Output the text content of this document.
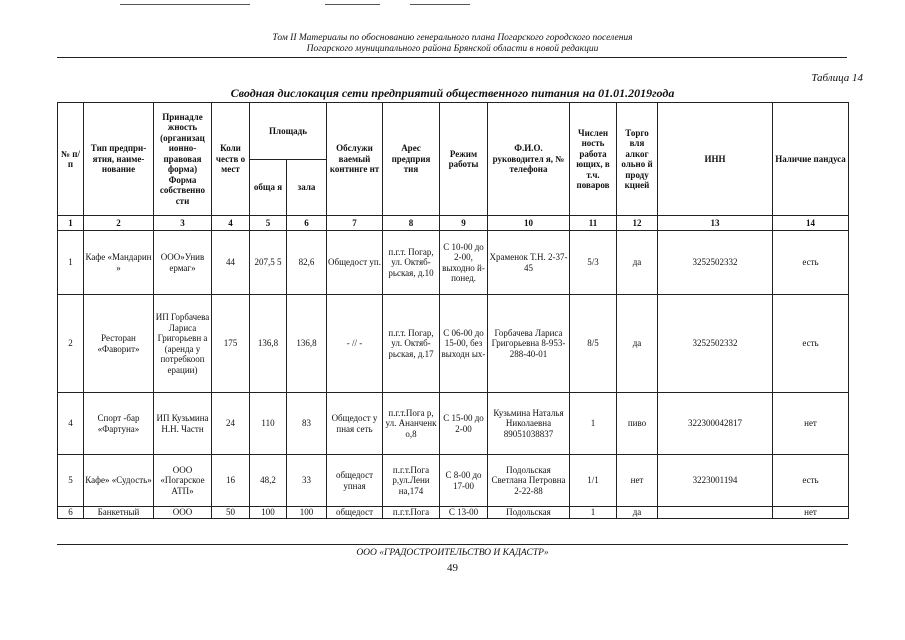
Том II Материалы по обоснованию генерального плана Погарского городского поселения
Погарского муниципального района Брянской области в новой редакции
Таблица 14
Сводная дислокация сети предприятий общественного питания на 01.01.2019года
№ п/п	Тип предпри-ятия, наиме-нование	Принадле жность (организац ионно-правовая форма) Форма собственно сти	Коли честв о мест	Площадь		Обслужи ваемый континге нт	Арес предприя тия	Режим работы	Ф.И.О. руководител я, № телефона	Числен ность работа ющих, в т.ч. поваров	Торго вля алког ольно й проду кцией	ИНН	Наличие пандуса
				обща я	зала								
1	2	3	4	5	6	7	8	9	10	11	12	13	14
1	Кафе «Мандарин »	ООО»Унив ермаг»	44	207,5 5	82,6	Общедост уп.	п.г.т. Погар, ул. Октяб-рьская, д.10	С 10-00 до 2-00, выходно й-понед.	Храменок Т.Н. 2-37-45	5/3	да	3252502332	есть
2	Ресторан «Фаворит»	ИП Горбачева Лариса Григорьевн а (аренда у потребкооп ерации)	175	136,8	136,8	- // -	п.г.т. Погар, ул. Октяб-рьская, д.17	С 06-00 до 15-00, без выходн ых-	Горбачева Лариса Григорьевна 8-953-288-40-01	8/5	да	3252502332	есть
4	Спорт -бар «Фартуна»	ИП Кузьмина Н.Н. Частн	24	110	83	Общедост у пная сеть	п.г.т.Пога р, ул. Ананченк о,8	С 15-00 до 2-00	Кузьмина Наталья Николаевна 89051038837	1	пиво	322300042817	нет
5	Кафе» «Судость»	ООО «Погарское АТП»	16	48,2	33	общедост упная	п.г.т.Пога р,ул.Лени на,174	С 8-00 до 17-00	Подольская Светлана Петровна 2-22-88	1/1	нет	3223001194	есть
6	Банкетный	ООО	50	100	100	общедост	п.г.т.Пога	С 13-00	Подольская	1	да		нет
ООО «ГРАДОСТРОИТЕЛЬСТВО И КАДАСТР»
49
